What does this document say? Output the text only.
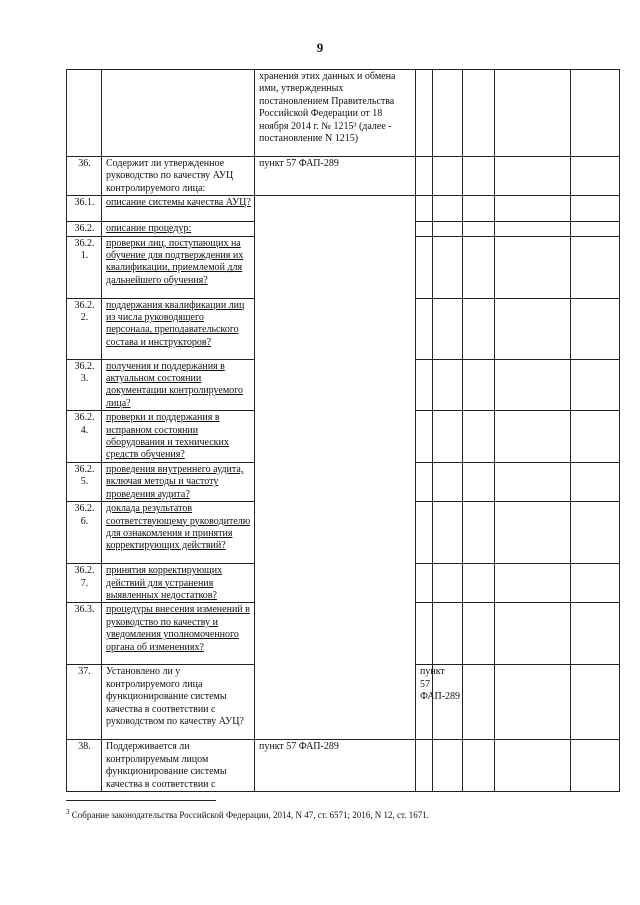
9
		хранения этих данных и обмена ими, утвержденных постановлением Правительства Российской Федерации от 18 ноября 2014 г. № 1215³ (далее - постановление N 1215)						
36.	Содержит ли утвержденное руководство по качеству АУЦ контролируемого лица:	пункт 57 ФАП-289						
36.1.	описание системы качества АУЦ?							
36.2.	описание процедур:							
36.2. 1.	проверки лиц, поступающих на обучение для подтверждения их квалификации, приемлемой для дальнейшего обучения?							
36.2. 2.	поддержания квалификации лиц из числа руководящего персонала, преподавательского состава и инструкторов?							
36.2. 3.	получения и поддержания в актуальном состоянии документации контролируемого лица?							
36.2. 4.	проверки и поддержания в исправном состоянии оборудования и технических средств обучения?							
36.2. 5.	проведения внутреннего аудита, включая методы и частоту проведения аудита?							
36.2. 6.	доклада результатов соответствующему руководителю для ознакомления и принятия корректирующих действий?							
36.2. 7.	принятия корректирующих действий для устранения выявленных недостатков?							
36.3.	процедуры внесения изменений в руководство по качеству и уведомления уполномоченного органа об изменениях?							
37.	Установлено ли у контролируемого лица функционирование системы качества в соответствии с руководством по качеству АУЦ?		пункт 57 ФАП-289					
38.	Поддерживается ли контролируемым лицом функционирование системы качества в соответствии с	пункт 57 ФАП-289						
$^3$ Собрание законодательства Российской Федерации, 2014, N 47, ст. 6571; 2016, N 12, ст. 1671.
